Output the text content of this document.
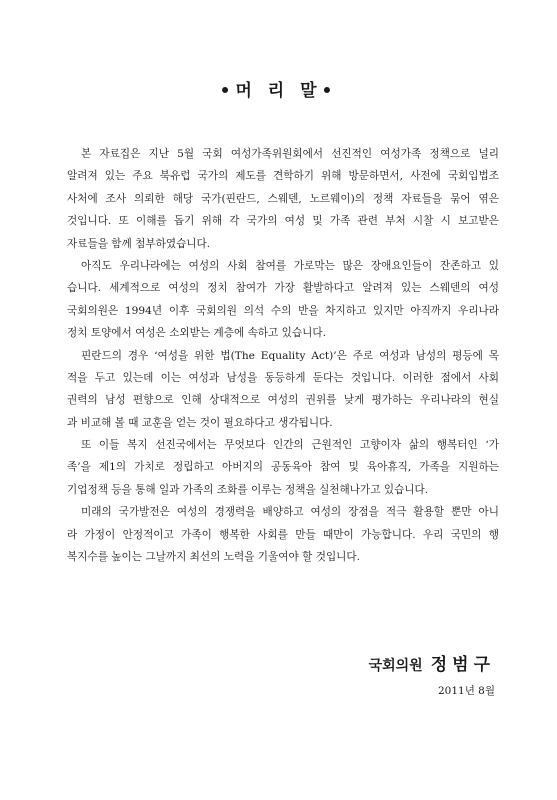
•머 리 말•
본 자료집은 지난 5월 국회 여성가족위원회에서 선진적인 여성가족 정책으로 널리
알려져 있는 주요 북유럽 국가의 제도를 견학하기 위해 방문하면서, 사전에 국회입법조
사처에 조사 의뢰한 해당 국가(핀란드, 스웨덴, 노르웨이)의 정책 자료들을 묶어 엮은
것입니다. 또 이해를 돕기 위해 각 국가의 여성 및 가족 관련 부처 시찰 시 보고받은
자료들을 함께 첨부하였습니다.
아직도 우리나라에는 여성의 사회 참여를 가로막는 많은 장애요인들이 잔존하고 있
습니다. 세계적으로 여성의 정치 참여가 가장 활발하다고 알려져 있는 스웨덴의 여성
국회의원은 1994년 이후 국회의원 의석 수의 반을 차지하고 있지만 아직까지 우리나라
정치 토양에서 여성은 소외받는 계층에 속하고 있습니다.
핀란드의 경우 ‘여성을 위한 법(The Equality Act)’은 주로 여성과 남성의 평등에 목
적을 두고 있는데 이는 여성과 남성을 동등하게 둔다는 것입니다. 이러한 점에서 사회
권력의 남성 편향으로 인해 상대적으로 여성의 권위를 낮게 평가하는 우리나라의 현실
과 비교해 볼 때 교훈을 얻는 것이 필요하다고 생각됩니다.
또 이들 복지 선진국에서는 무엇보다 인간의 근원적인 고향이자 삶의 행복터인 ‘가
족’을 제1의 가치로 정립하고 아버지의 공동육아 참여 및 육아휴직, 가족을 지원하는
기업정책 등을 통해 일과 가족의 조화를 이루는 정책을 실천해나가고 있습니다.
미래의 국가발전은 여성의 경쟁력을 배양하고 여성의 장점을 적극 활용할 뿐만 아니
라 가정이 안정적이고 가족이 행복한 사회를 만들 때만이 가능합니다. 우리 국민의 행
복지수를 높이는 그날까지 최선의 노력을 기울여야 할 것입니다.
국회의원 정범구
2011년 8월
